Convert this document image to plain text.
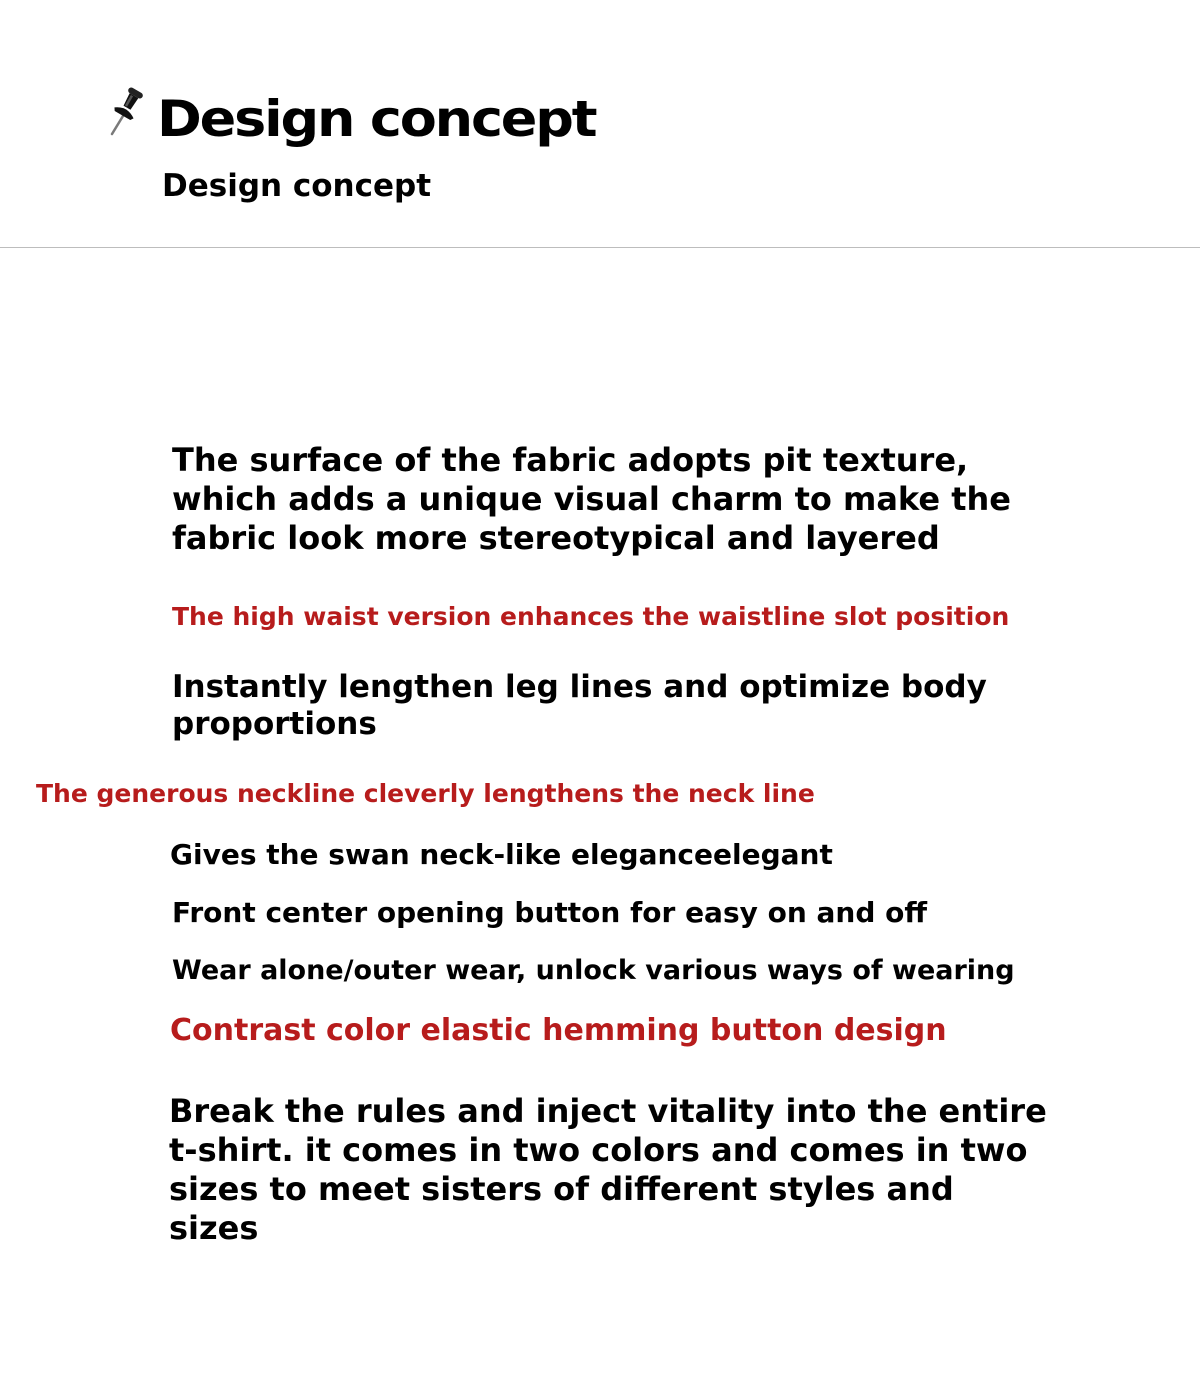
Design concept
Design concept

The surface of the fabric adopts pit texture, which adds a unique visual charm to make the fabric look more stereotypical and layered

The high waist version enhances the waistline slot position

Instantly lengthen leg lines and optimize body proportions

The generous neckline cleverly lengthens the neck line

Gives the swan neck-like eleganceelegant

Front center opening button for easy on and off

Wear alone/outer wear, unlock various ways of wearing

Contrast color elastic hemming button design

Break the rules and inject vitality into the entire t-shirt. it comes in two colors and comes in two sizes to meet sisters of different styles and sizes
